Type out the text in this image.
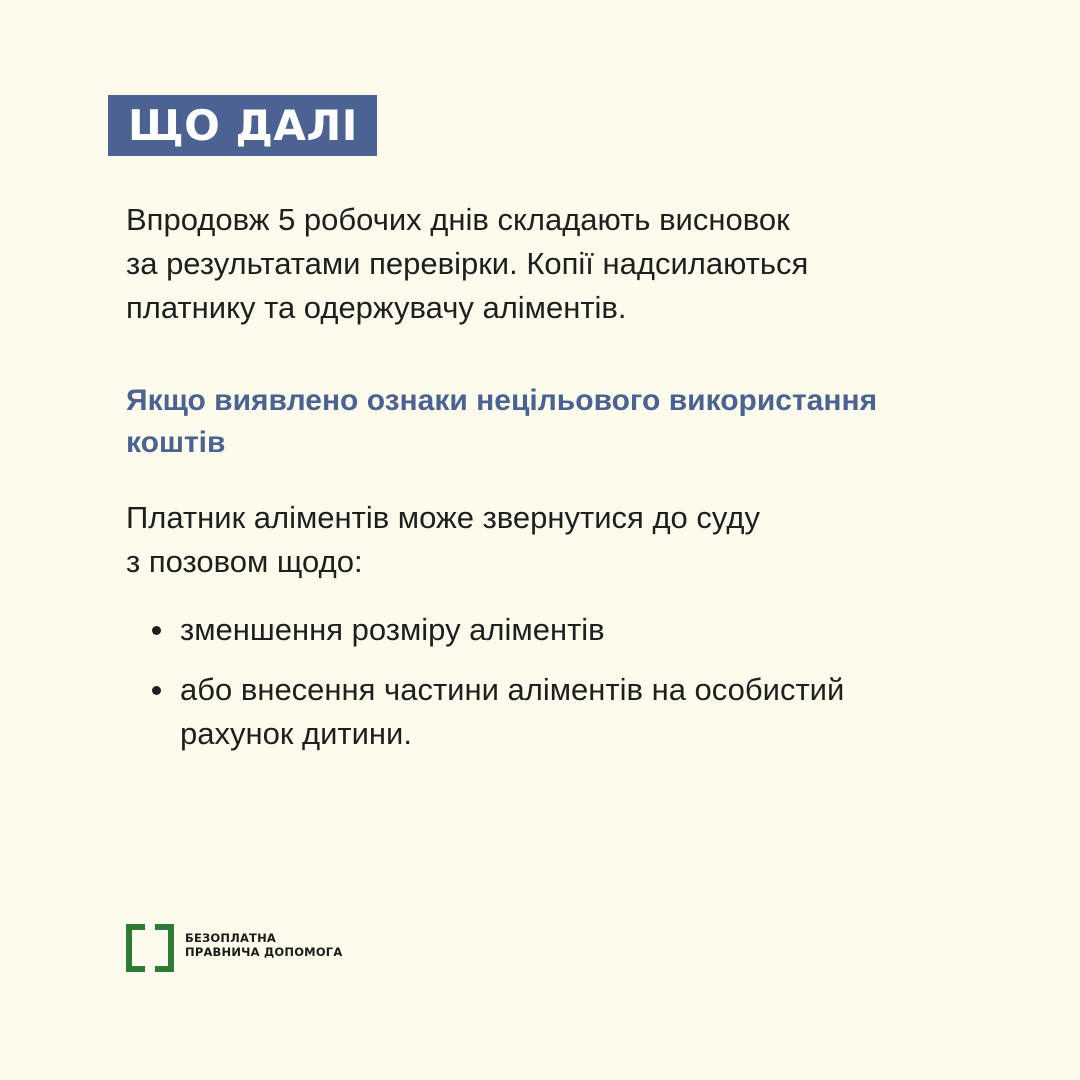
ЩО ДАЛІ
Впродовж 5 робочих днів складають висновок
за результатами перевірки. Копії надсилаються
платнику та одержувачу аліментів.
Якщо виявлено ознаки нецільового використання
коштів
Платник аліментів може звернутися до суду
з позовом щодо:
зменшення розміру аліментів
або внесення частини аліментів на особистий
рахунок дитини.
БЕЗОПЛАТНА
ПРАВНИЧА ДОПОМОГА
